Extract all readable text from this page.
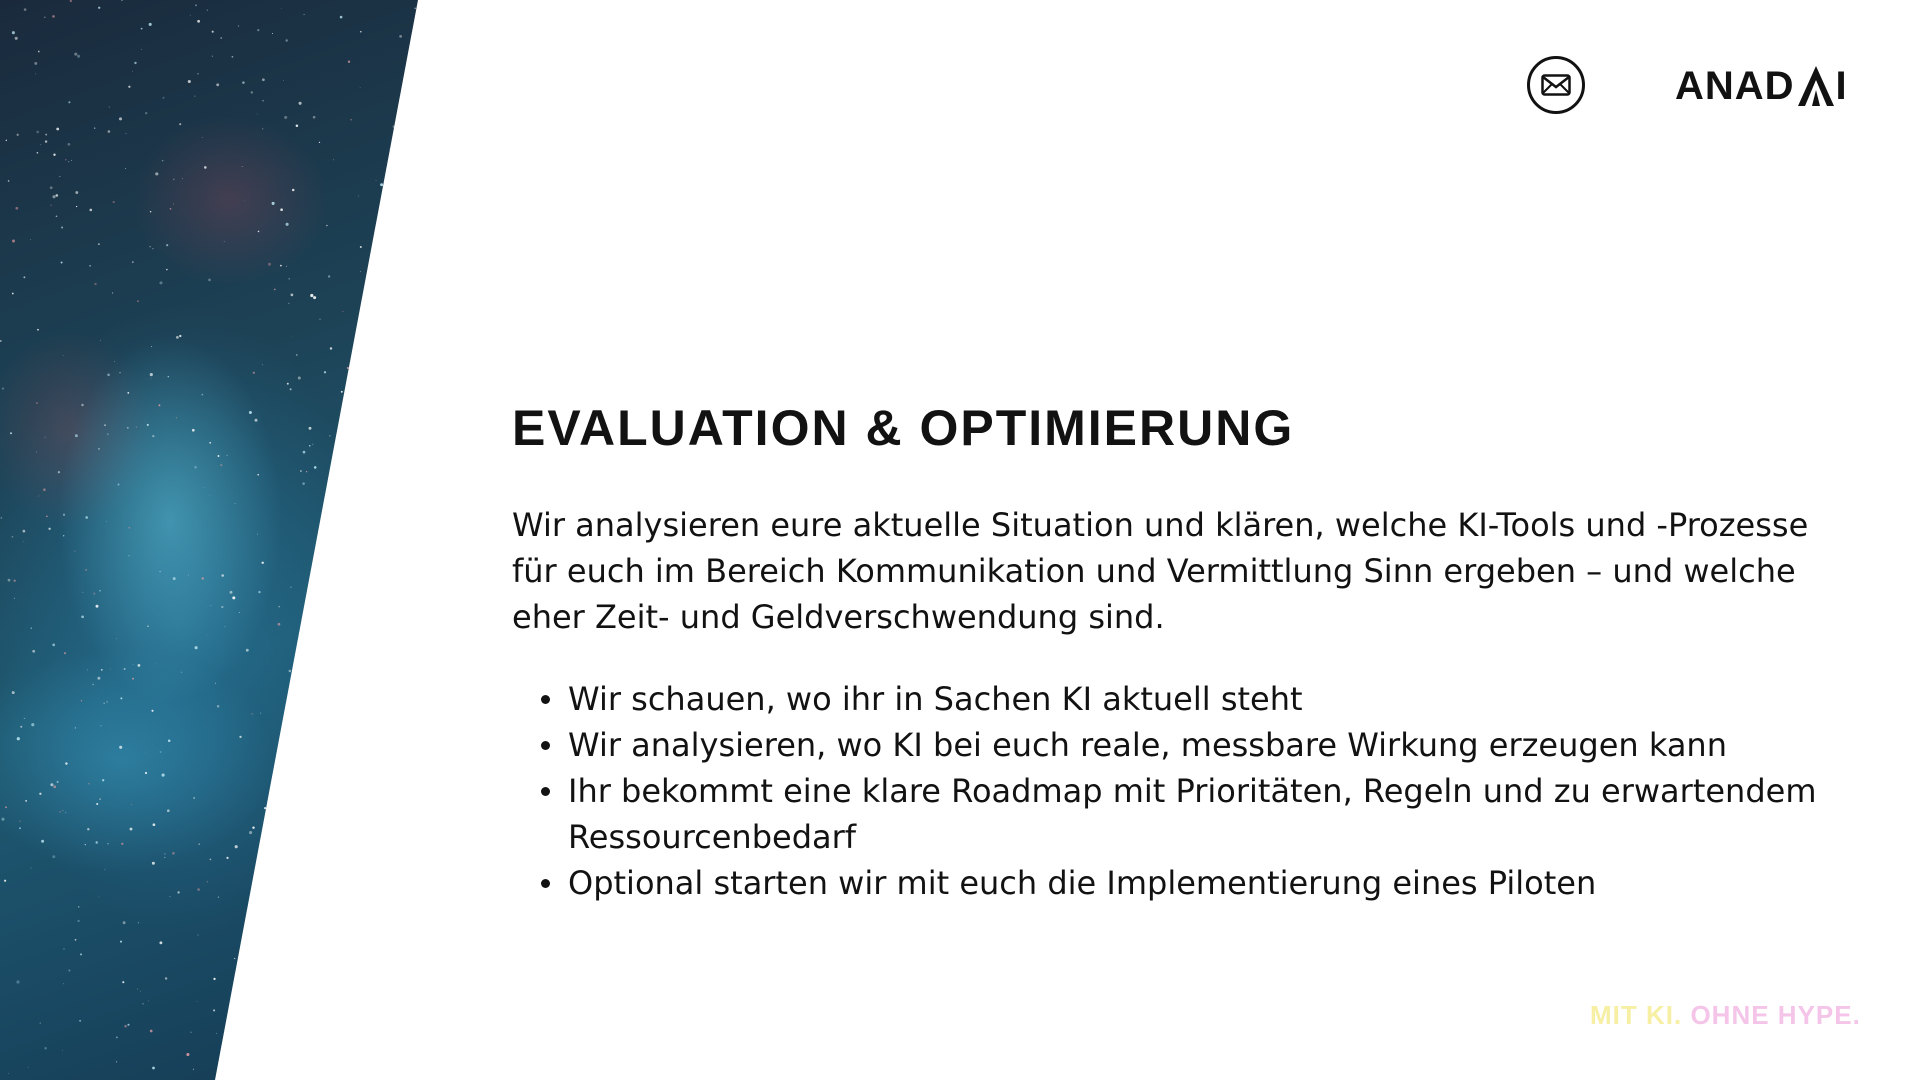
ANAD I
EVALUATION & OPTIMIERUNG

Wir analysieren eure aktuelle Situation und klären, welche KI-Tools und -Prozesse für euch im Bereich Kommunikation und Vermittlung Sinn ergeben – und welche eher Zeit- und Geldverschwendung sind.

Wir schauen, wo ihr in Sachen KI aktuell steht
Wir analysieren, wo KI bei euch reale, messbare Wirkung erzeugen kann
Ihr bekommt eine klare Roadmap mit Prioritäten, Regeln und zu erwartendem Ressourcenbedarf
Optional starten wir mit euch die Implementierung eines Piloten
MIT KI. OHNE HYPE.
